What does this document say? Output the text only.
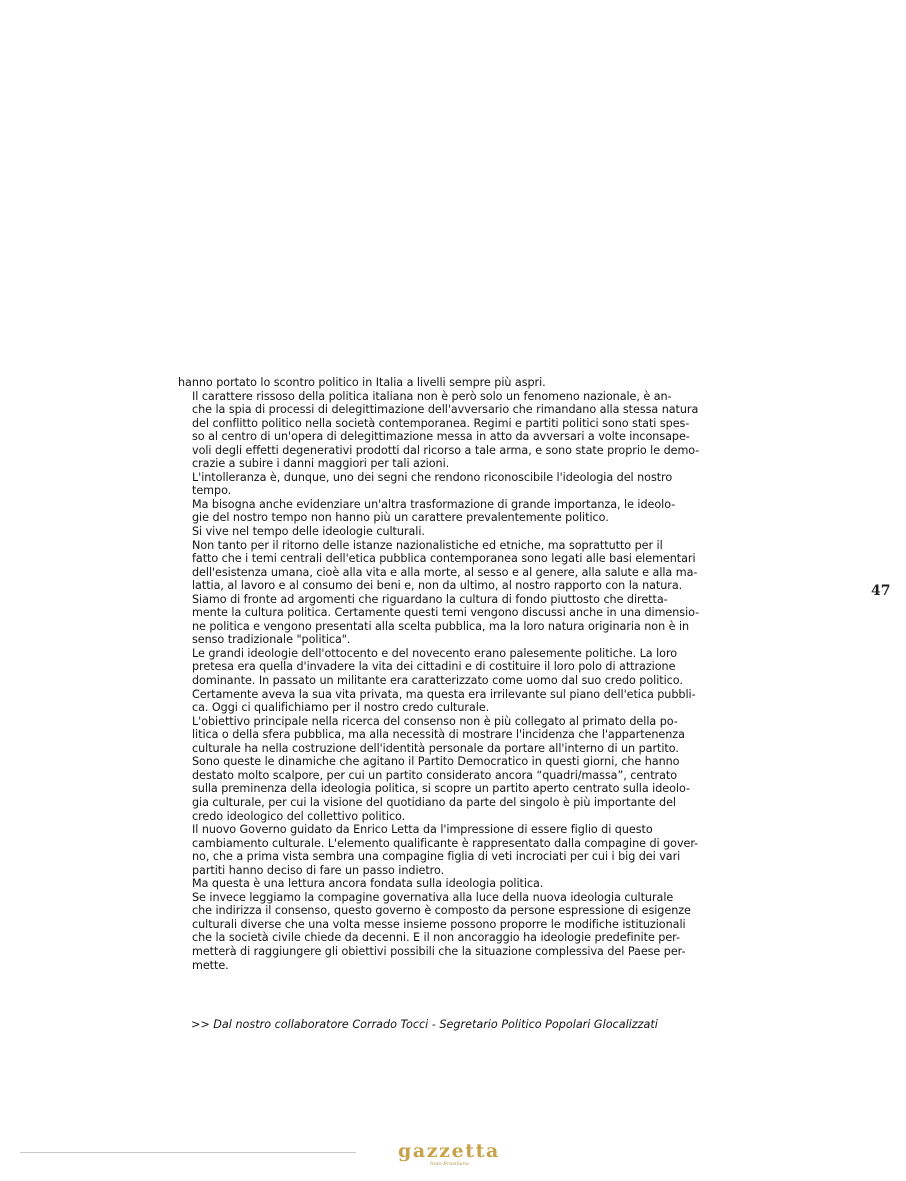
hanno portato lo scontro politico in Italia a livelli sempre più aspri.

Il carattere rissoso della politica italiana non è però solo un fenomeno nazionale, è an-
che la spia di processi di delegittimazione dell'avversario che rimandano alla stessa natura
del conflitto politico nella società contemporanea. Regimi e partiti politici sono stati spes-
so al centro di un'opera di delegittimazione messa in atto da avversari a volte inconsape-
voli degli effetti degenerativi prodotti dal ricorso a tale arma, e sono state proprio le demo-
crazie a subire i danni maggiori per tali azioni.

L'intolleranza è, dunque, uno dei segni che rendono riconoscibile l'ideologia del nostro
tempo.

Ma bisogna anche evidenziare un'altra trasformazione di grande importanza, le ideolo-
gie del nostro tempo non hanno più un carattere prevalentemente politico.

Si vive nel tempo delle ideologie culturali.

Non tanto per il ritorno delle istanze nazionalistiche ed etniche, ma soprattutto per il
fatto che i temi centrali dell'etica pubblica contemporanea sono legati alle basi elementari
dell'esistenza umana, cioè alla vita e alla morte, al sesso e al genere, alla salute e alla ma-
lattia, al lavoro e al consumo dei beni e, non da ultimo, al nostro rapporto con la natura.

Siamo di fronte ad argomenti che riguardano la cultura di fondo piuttosto che diretta-
mente la cultura politica. Certamente questi temi vengono discussi anche in una dimensio-
ne politica e vengono presentati alla scelta pubblica, ma la loro natura originaria non è in
senso tradizionale "politica".

Le grandi ideologie dell'ottocento e del novecento erano palesemente politiche. La loro
pretesa era quella d'invadere la vita dei cittadini e di costituire il loro polo di attrazione
dominante. In passato un militante era caratterizzato come uomo dal suo credo politico.
Certamente aveva la sua vita privata, ma questa era irrilevante sul piano dell'etica pubbli-
ca. Oggi ci qualifichiamo per il nostro credo culturale.

L'obiettivo principale nella ricerca del consenso non è più collegato al primato della po-
litica o della sfera pubblica, ma alla necessità di mostrare l'incidenza che l'appartenenza
culturale ha nella costruzione dell'identità personale da portare all'interno di un partito.
Sono queste le dinamiche che agitano il Partito Democratico in questi giorni, che hanno
destato molto scalpore, per cui un partito considerato ancora “quadri/massa”, centrato
sulla preminenza della ideologia politica, si scopre un partito aperto centrato sulla ideolo-
gia culturale, per cui la visione del quotidiano da parte del singolo è più importante del
credo ideologico del collettivo politico.

Il nuovo Governo guidato da Enrico Letta da l'impressione di essere figlio di questo
cambiamento culturale. L'elemento qualificante è rappresentato dalla compagine di gover-
no, che a prima vista sembra una compagine figlia di veti incrociati per cui i big dei vari
partiti hanno deciso di fare un passo indietro.

Ma questa è una lettura ancora fondata sulla ideologia politica.

Se invece leggiamo la compagine governativa alla luce della nuova ideologia culturale
che indirizza il consenso, questo governo è composto da persone espressione di esigenze
culturali diverse che una volta messe insieme possono proporre le modifiche istituzionali
che la società civile chiede da decenni. E il non ancoraggio ha ideologie predefinite per-
metterà di raggiungere gli obiettivi possibili che la situazione complessiva del Paese per-
mette.

>> Dal nostro collaboratore Corrado Tocci - Segretario Politico Popolari Glocalizzati
47
gazzetta
Italo-Brasiliana
